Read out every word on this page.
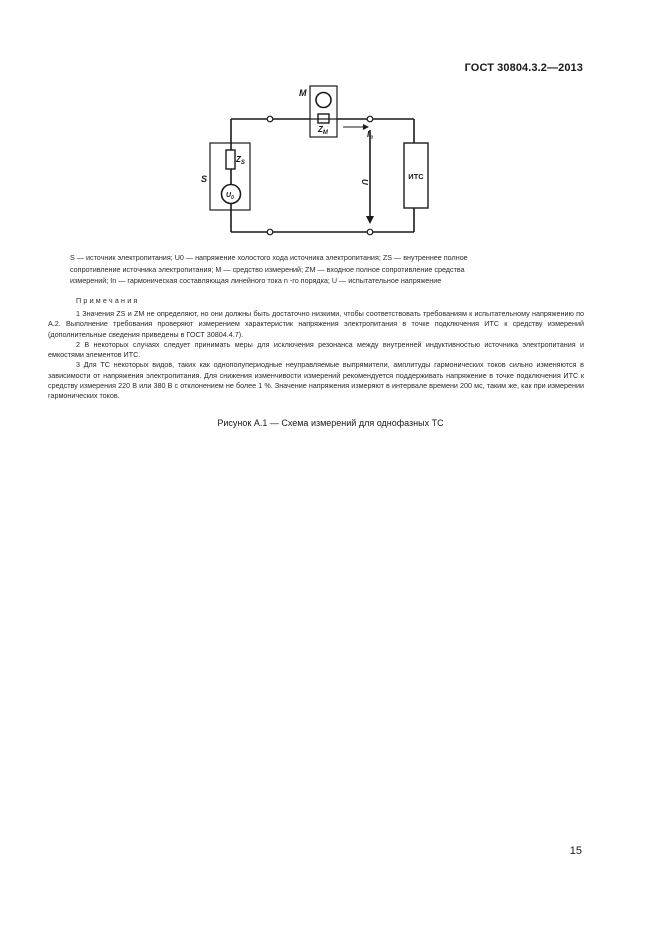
ГОСТ 30804.3.2—2013
M
$Z_M$
S
$Z_S$
$U_0$
$I_n$
U
ИТС

S — источник электропитания; U0 — напряжение холостого хода источника электропитания; ZS — внутреннее полное

сопротивление источника электропитания; M — средство измерений; ZM — входное полное сопротивление средства

измерений; In — гармоническая составляющая линейного тока n -го порядка; U — испытательное напряжение

Примечания

1 Значения ZS и ZM не определяют, но они должны быть достаточно низкими, чтобы соответствовать требованиям к испытательному напряжению по А.2. Выполнение требования проверяют измерением характеристик напряжения электропитания в точке подключения ИТС к средству измерений (дополнительные сведения приведены в ГОСТ 30804.4.7).

2 В некоторых случаях следует принимать меры для исключения резонанса между внутренней индуктивностью источника электропитания и емкостями элементов ИТС.

3 Для ТС некоторых видов, таких как однополупериодные неуправляемые выпрямители, амплитуды гармонических токов сильно изменяются в зависимости от напряжения электропитания. Для снижения изменчивости измерений рекомендуется поддерживать напряжение в точке подключения ИТС к средству измерения 220 В или 380 В с отклонением не более 1 %. Значение напряжения измеряют в интервале времени 200 мс, таким же, как при измерении гармонических токов.

Рисунок А.1 — Схема измерений для однофазных ТС
15
